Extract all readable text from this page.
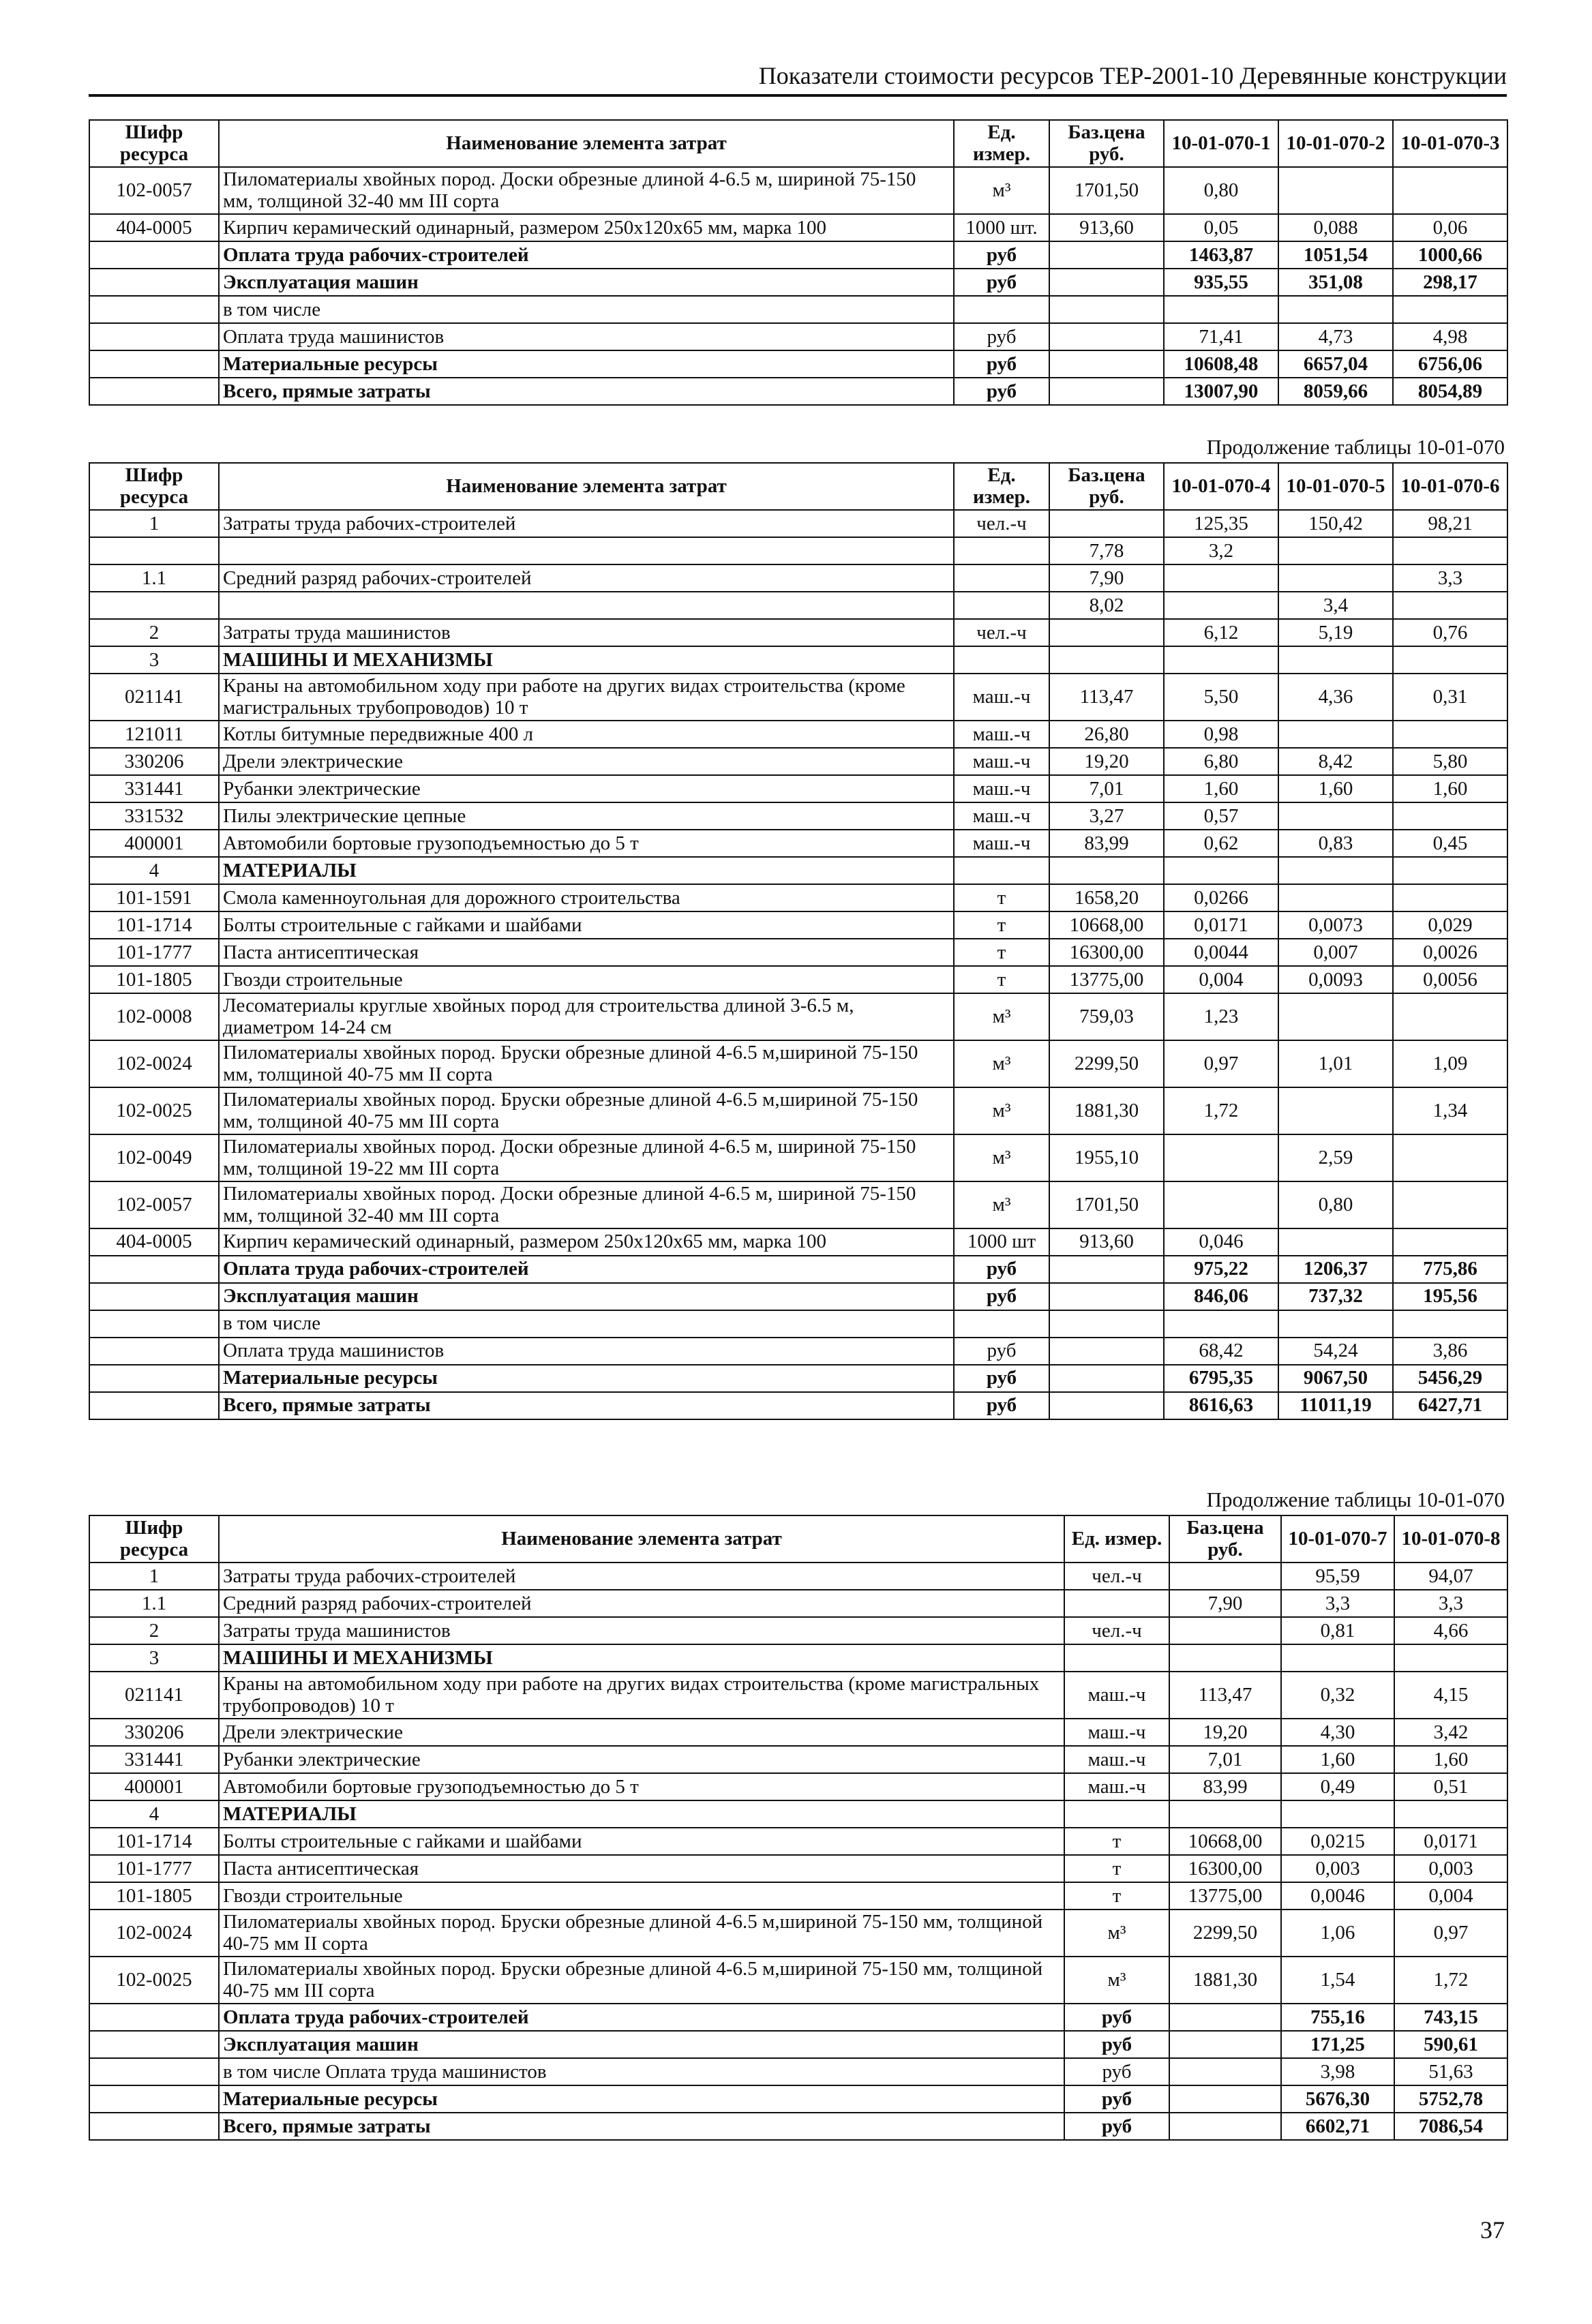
Показатели стоимости ресурсов ТЕР-2001-10 Деревянные конструкции
Шифр ресурса	Наименование элемента затрат	Ед. измер.	Баз.цена руб.	10-01-070-1	10-01-070-2	10-01-070-3
102-0057	Пиломатериалы хвойных пород. Доски обрезные длиной 4-6.5 м, шириной 75-150 мм, толщиной 32-40 мм III сорта	м³	1701,50	0,80		
404-0005	Кирпич керамический одинарный, размером 250х120х65 мм, марка 100	1000 шт.	913,60	0,05	0,088	0,06
	Оплата труда рабочих-строителей	руб		1463,87	1051,54	1000,66
	Эксплуатация машин	руб		935,55	351,08	298,17
	в том числе					
	Оплата труда машинистов	руб		71,41	4,73	4,98
	Материальные ресурсы	руб		10608,48	6657,04	6756,06
	Всего, прямые затраты	руб		13007,90	8059,66	8054,89
Продолжение таблицы 10-01-070
Шифр ресурса	Наименование элемента затрат	Ед. измер.	Баз.цена руб.	10-01-070-4	10-01-070-5	10-01-070-6
1	Затраты труда рабочих-строителей	чел.-ч		125,35	150,42	98,21
			7,78	3,2		
1.1	Средний разряд рабочих-строителей		7,90			3,3
			8,02		3,4	
2	Затраты труда машинистов	чел.-ч		6,12	5,19	0,76
3	МАШИНЫ И МЕХАНИЗМЫ					
021141	Краны на автомобильном ходу при работе на других видах строительства (кроме магистральных трубопроводов) 10 т	маш.-ч	113,47	5,50	4,36	0,31
121011	Котлы битумные передвижные 400 л	маш.-ч	26,80	0,98		
330206	Дрели электрические	маш.-ч	19,20	6,80	8,42	5,80
331441	Рубанки электрические	маш.-ч	7,01	1,60	1,60	1,60
331532	Пилы электрические цепные	маш.-ч	3,27	0,57		
400001	Автомобили бортовые грузоподъемностью до 5 т	маш.-ч	83,99	0,62	0,83	0,45
4	МАТЕРИАЛЫ					
101-1591	Смола каменноугольная для дорожного строительства	т	1658,20	0,0266		
101-1714	Болты строительные с гайками и шайбами	т	10668,00	0,0171	0,0073	0,029
101-1777	Паста антисептическая	т	16300,00	0,0044	0,007	0,0026
101-1805	Гвозди строительные	т	13775,00	0,004	0,0093	0,0056
102-0008	Лесоматериалы круглые хвойных пород для строительства длиной 3-6.5 м, диаметром 14-24 см	м³	759,03	1,23		
102-0024	Пиломатериалы хвойных пород. Бруски обрезные длиной 4-6.5 м,шириной 75-150 мм, толщиной 40-75 мм II сорта	м³	2299,50	0,97	1,01	1,09
102-0025	Пиломатериалы хвойных пород. Бруски обрезные длиной 4-6.5 м,шириной 75-150 мм, толщиной 40-75 мм III сорта	м³	1881,30	1,72		1,34
102-0049	Пиломатериалы хвойных пород. Доски обрезные длиной 4-6.5 м, шириной 75-150 мм, толщиной 19-22 мм III сорта	м³	1955,10		2,59	
102-0057	Пиломатериалы хвойных пород. Доски обрезные длиной 4-6.5 м, шириной 75-150 мм, толщиной 32-40 мм III сорта	м³	1701,50		0,80	
404-0005	Кирпич керамический одинарный, размером 250х120х65 мм, марка 100	1000 шт	913,60	0,046		
	Оплата труда рабочих-строителей	руб		975,22	1206,37	775,86
	Эксплуатация машин	руб		846,06	737,32	195,56
	в том числе					
	Оплата труда машинистов	руб		68,42	54,24	3,86
	Материальные ресурсы	руб		6795,35	9067,50	5456,29
	Всего, прямые затраты	руб		8616,63	11011,19	6427,71
Продолжение таблицы 10-01-070
Шифр ресурса	Наименование элемента затрат	Ед. измер.	Баз.цена руб.	10-01-070-7	10-01-070-8
1	Затраты труда рабочих-строителей	чел.-ч		95,59	94,07
1.1	Средний разряд рабочих-строителей		7,90	3,3	3,3
2	Затраты труда машинистов	чел.-ч		0,81	4,66
3	МАШИНЫ И МЕХАНИЗМЫ				
021141	Краны на автомобильном ходу при работе на других видах строительства (кроме магистральных трубопроводов) 10 т	маш.-ч	113,47	0,32	4,15
330206	Дрели электрические	маш.-ч	19,20	4,30	3,42
331441	Рубанки электрические	маш.-ч	7,01	1,60	1,60
400001	Автомобили бортовые грузоподъемностью до 5 т	маш.-ч	83,99	0,49	0,51
4	МАТЕРИАЛЫ				
101-1714	Болты строительные с гайками и шайбами	т	10668,00	0,0215	0,0171
101-1777	Паста антисептическая	т	16300,00	0,003	0,003
101-1805	Гвозди строительные	т	13775,00	0,0046	0,004
102-0024	Пиломатериалы хвойных пород. Бруски обрезные длиной 4-6.5 м,шириной 75-150 мм, толщиной 40-75 мм II сорта	м³	2299,50	1,06	0,97
102-0025	Пиломатериалы хвойных пород. Бруски обрезные длиной 4-6.5 м,шириной 75-150 мм, толщиной 40-75 мм III сорта	м³	1881,30	1,54	1,72
	Оплата труда рабочих-строителей	руб		755,16	743,15
	Эксплуатация машин	руб		171,25	590,61
	в том числе Оплата труда машинистов	руб		3,98	51,63
	Материальные ресурсы	руб		5676,30	5752,78
	Всего, прямые затраты	руб		6602,71	7086,54
37
